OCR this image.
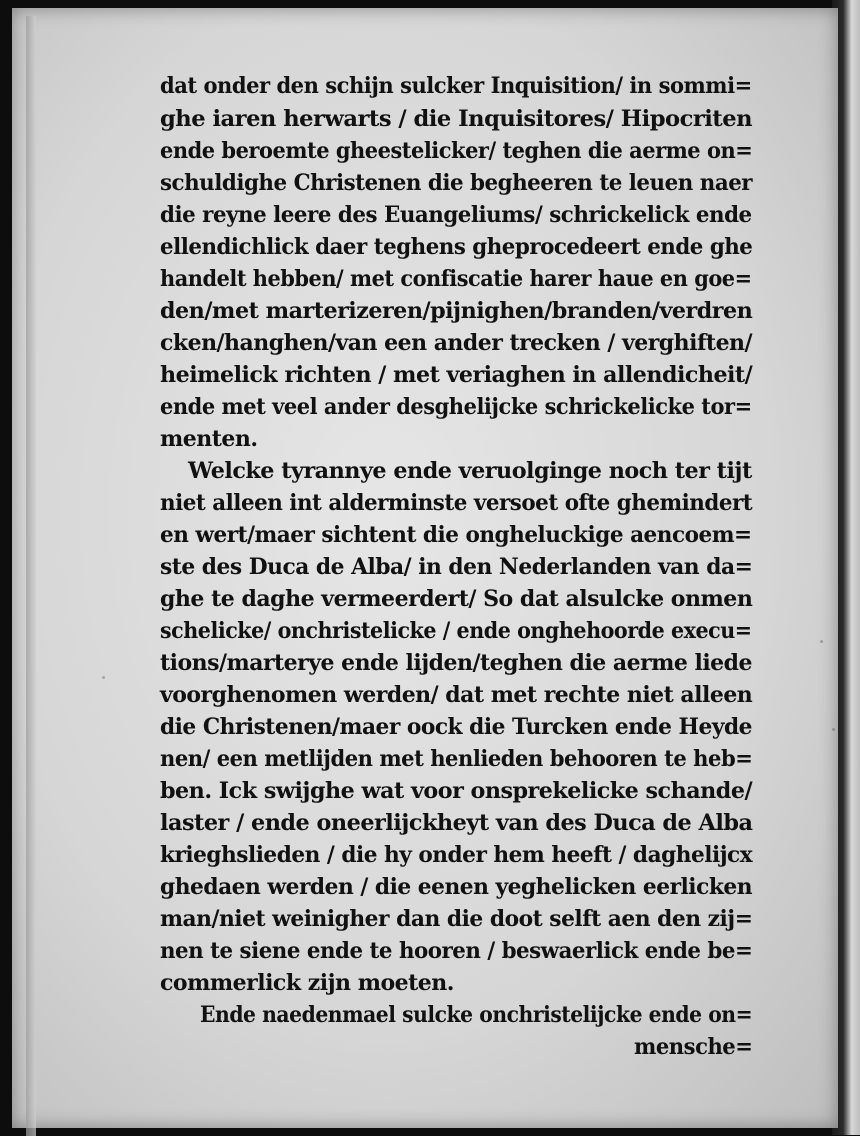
dat onder den schijn sulcker Inquisition/ in sommi=
ghe iaren herwarts / die Inquisitores/ Hipocriten
ende beroemte gheestelicker/ teghen die aerme on=
schuldighe Christenen die begheeren te leuen naer
die reyne leere des Euangeliums/ schrickelick ende
ellendichlick daer teghens gheprocedeert ende ghe
handelt hebben/ met confiscatie harer haue en goe=
den/met marterizeren/pijnighen/branden/verdren
cken/hanghen/van een ander trecken / verghiften/
heimelick richten / met veriaghen in allendicheit/
ende met veel ander desghelijcke schrickelicke tor=
menten.
Welcke tyrannye ende veruolginge noch ter tijt
niet alleen int alderminste versoet ofte ghemindert
en wert/maer sichtent die ongheluckige aencoem=
ste des Duca de Alba/ in den Nederlanden van da=
ghe te daghe vermeerdert/ So dat alsulcke onmen
schelicke/ onchristelicke / ende onghehoorde execu=
tions/marterye ende lijden/teghen die aerme liede
voorghenomen werden/ dat met rechte niet alleen
die Christenen/maer oock die Turcken ende Heyde
nen/ een metlijden met henlieden behooren te heb=
ben. Ick swijghe wat voor onsprekelicke schande/
laster / ende oneerlijckheyt van des Duca de Alba
krieghslieden / die hy onder hem heeft / daghelijcx
ghedaen werden / die eenen yeghelicken eerlicken
man/niet weinigher dan die doot selft aen den zij=
nen te siene ende te hooren / beswaerlick ende be=
commerlick zijn moeten.
Ende naedenmael sulcke onchristelijcke ende on=
mensche=
